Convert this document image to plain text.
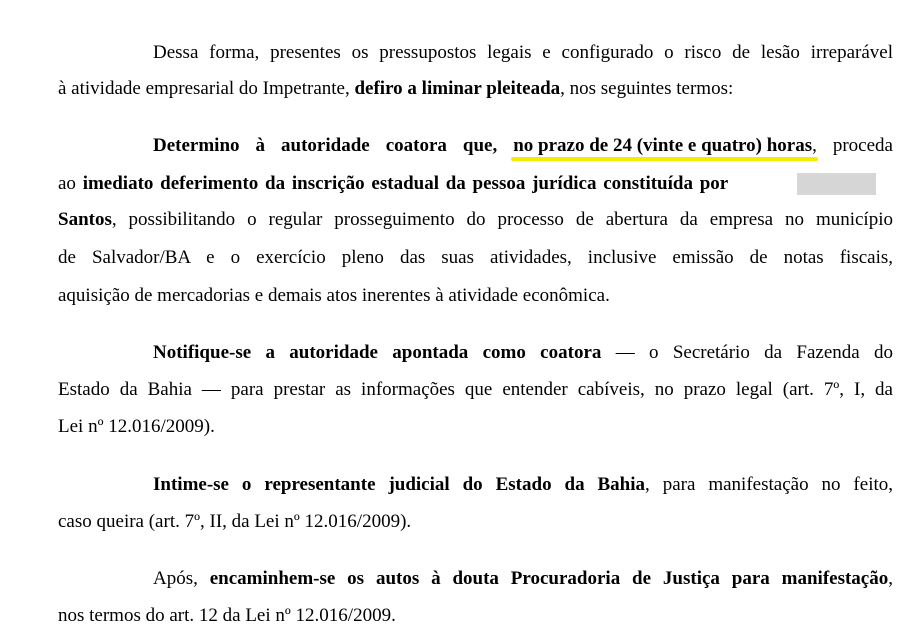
Dessa forma, presentes os pressupostos legais e configurado o risco de lesão irreparável
à atividade empresarial do Impetrante, defiro a liminar pleiteada, nos seguintes termos:
Determino à autoridade coatora que, no prazo de 24 (vinte e quatro) horas, proceda
ao imediato deferimento da inscrição estadual da pessoa jurídica constituída por
Santos, possibilitando o regular prosseguimento do processo de abertura da empresa no município
de Salvador/BA e o exercício pleno das suas atividades, inclusive emissão de notas fiscais,
aquisição de mercadorias e demais atos inerentes à atividade econômica.
Notifique-se a autoridade apontada como coatora — o Secretário da Fazenda do
Estado da Bahia — para prestar as informações que entender cabíveis, no prazo legal (art. 7º, I, da
Lei nº 12.016/2009).
Intime-se o representante judicial do Estado da Bahia, para manifestação no feito,
caso queira (art. 7º, II, da Lei nº 12.016/2009).
Após, encaminhem-se os autos à douta Procuradoria de Justiça para manifestação,
nos termos do art. 12 da Lei nº 12.016/2009.
